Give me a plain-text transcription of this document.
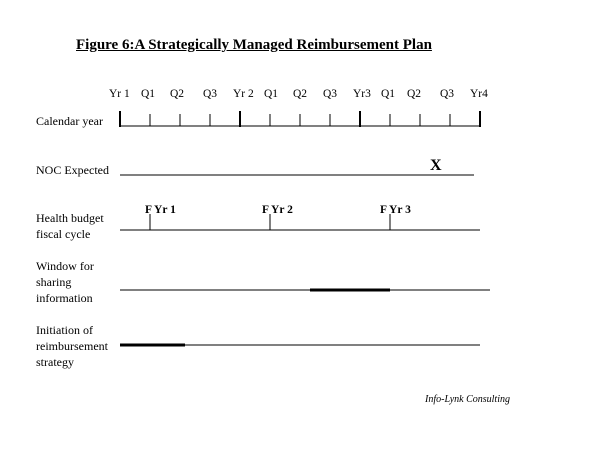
Figure 6:A Strategically Managed Reimbursement Plan
Yr 1 Q1 Q2 Q3 Yr 2 Q1 Q2 Q3 Yr3 Q1 Q2 Q3 Yr4
Calendar year
NOC Expected
Health budget
fiscal cycle
Window for
sharing
information
Initiation of
reimbursement
strategy
X
F Yr 1	F Yr 2	F Yr 3
Info-Lynk Consulting
